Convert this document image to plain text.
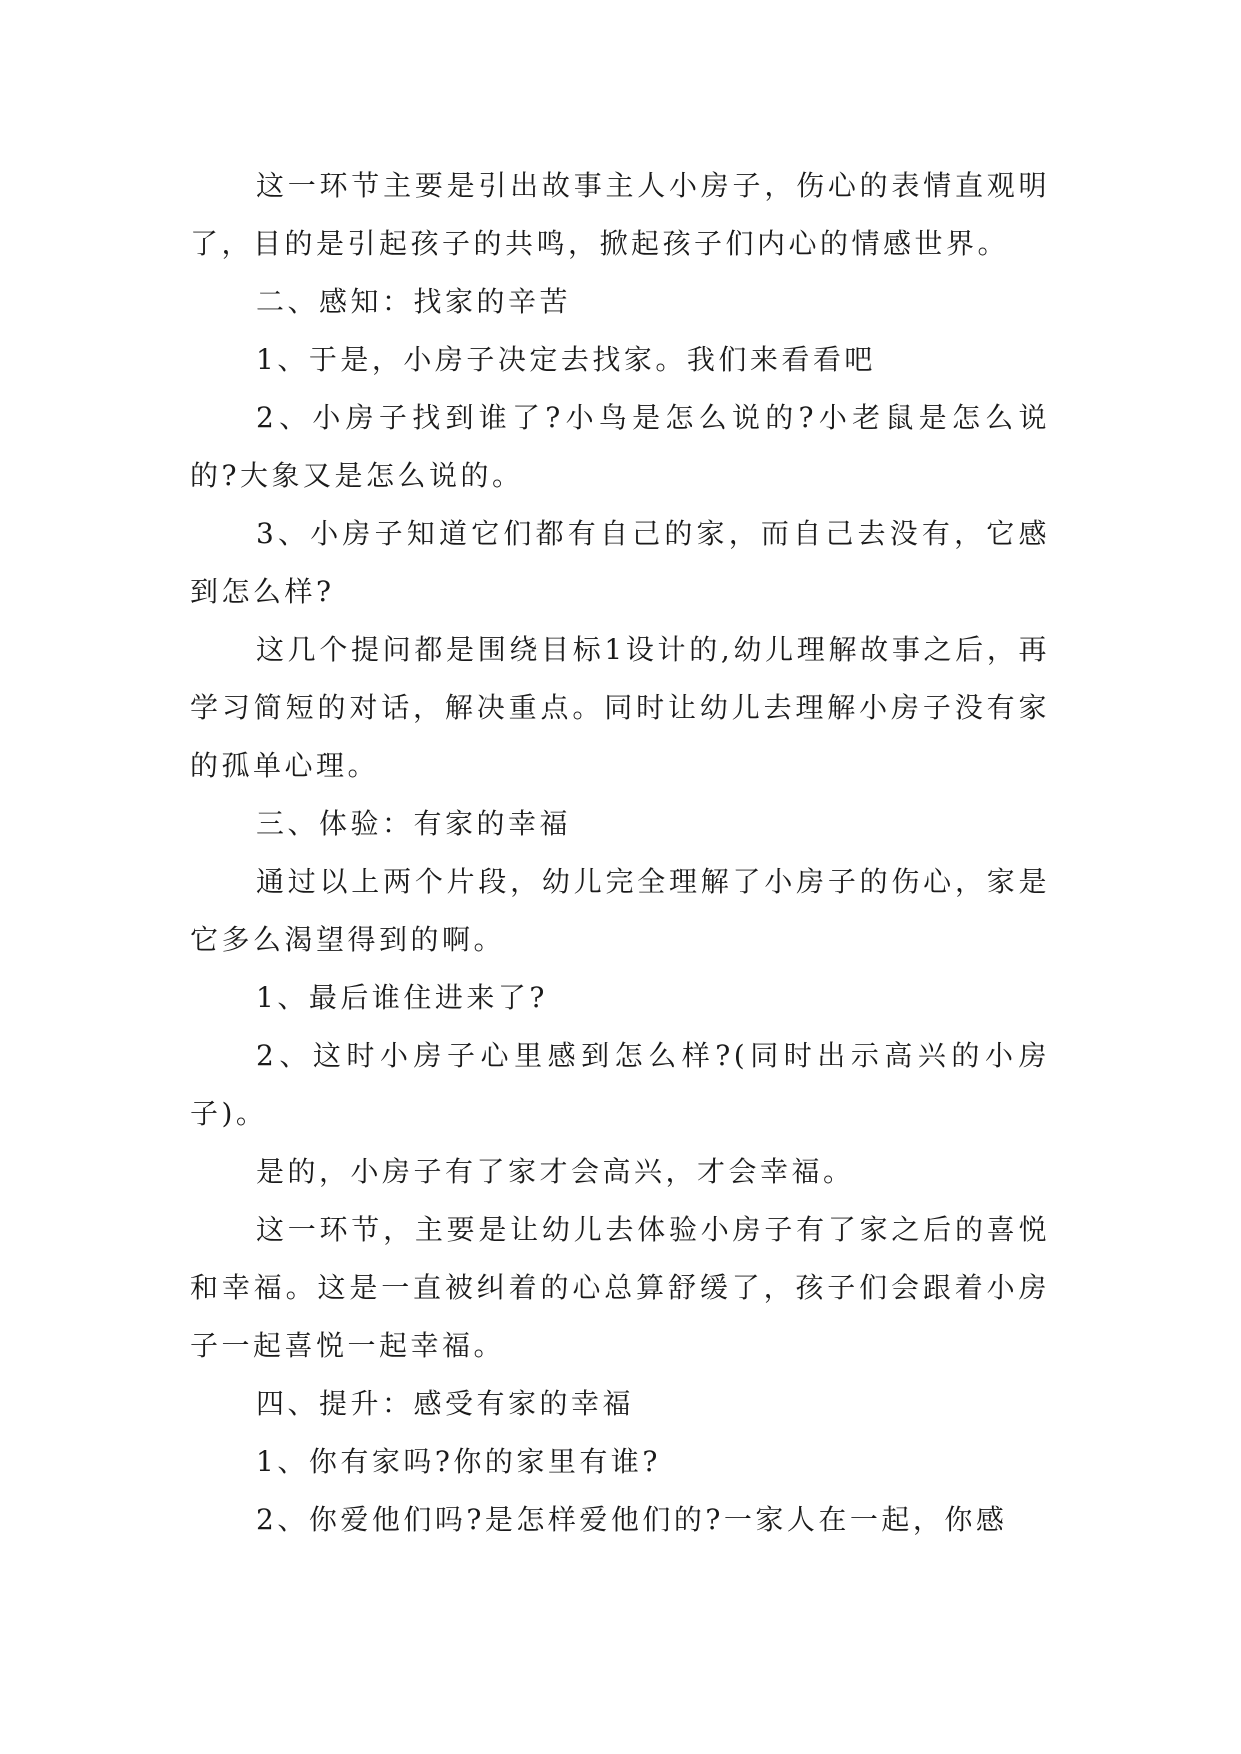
这一环节主要是引出故事主人小房子，伤心的表情直观明了，目的是引起孩子的共鸣，掀起孩子们内心的情感世界。

二、感知：找家的辛苦

1、于是，小房子决定去找家。我们来看看吧

2、小房子找到谁了?小鸟是怎么说的?小老鼠是怎么说的?大象又是怎么说的。

3、小房子知道它们都有自己的家，而自己去没有，它感到怎么样?

这几个提问都是围绕目标1设计的,幼儿理解故事之后，再学习简短的对话，解决重点。同时让幼儿去理解小房子没有家的孤单心理。

三、体验：有家的幸福

通过以上两个片段，幼儿完全理解了小房子的伤心，家是它多么渴望得到的啊。

1、最后谁住进来了?

2、这时小房子心里感到怎么样?(同时出示高兴的小房子)。

是的，小房子有了家才会高兴，才会幸福。

这一环节，主要是让幼儿去体验小房子有了家之后的喜悦和幸福。这是一直被纠着的心总算舒缓了，孩子们会跟着小房子一起喜悦一起幸福。

四、提升：感受有家的幸福

1、你有家吗?你的家里有谁?

2、你爱他们吗?是怎样爱他们的?一家人在一起，你感
